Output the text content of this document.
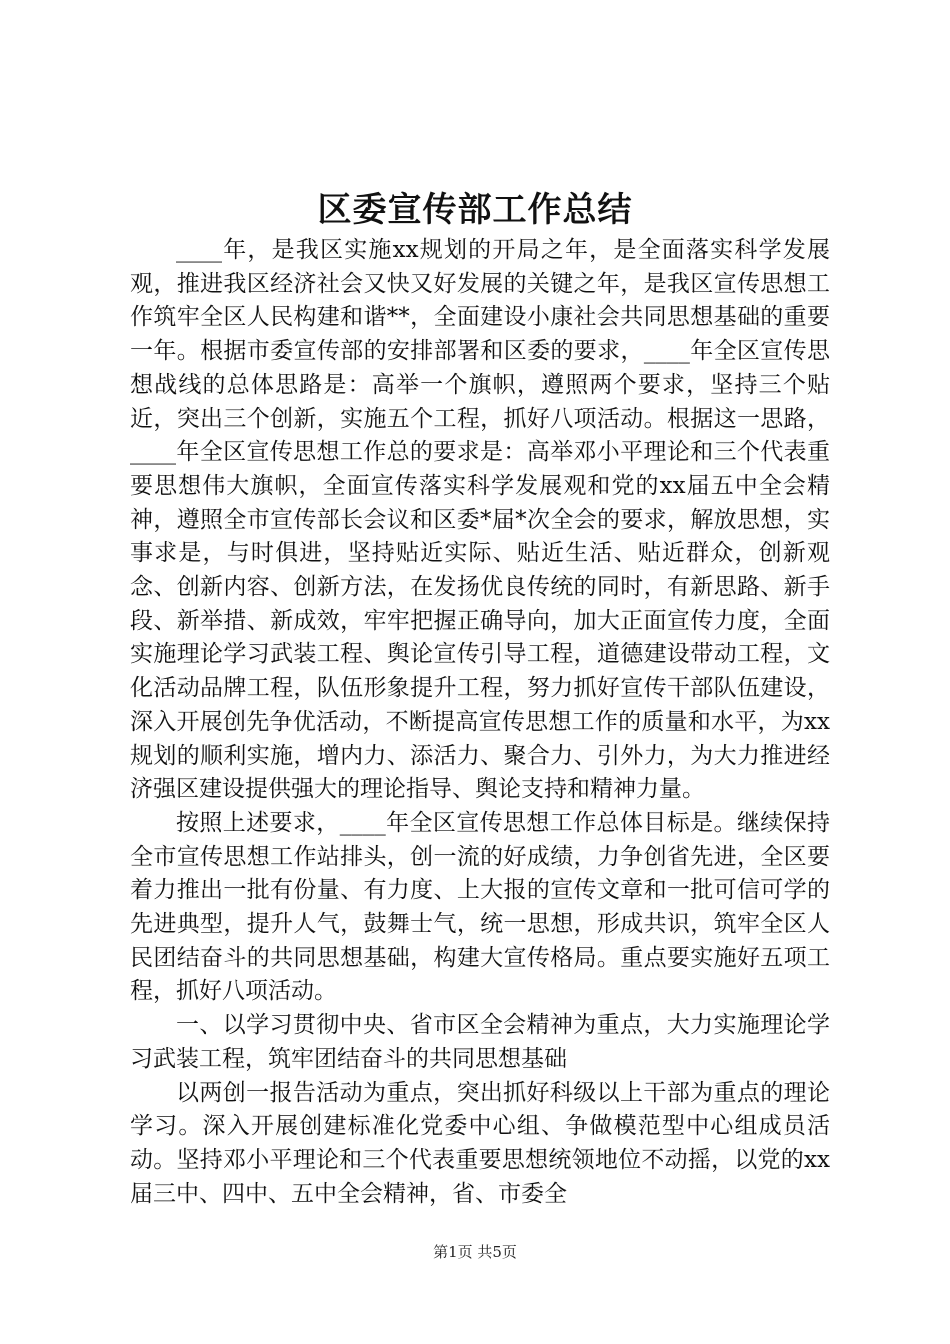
区委宣传部工作总结

____年，是我区实施xx规划的开局之年，是全面落实科学发展观，推进我区经济社会又快又好发展的关键之年，是我区宣传思想工作筑牢全区人民构建和谐**，全面建设小康社会共同思想基础的重要一年。根据市委宣传部的安排部署和区委的要求，____年全区宣传思想战线的总体思路是：高举一个旗帜，遵照两个要求，坚持三个贴近，突出三个创新，实施五个工程，抓好八项活动。根据这一思路，____年全区宣传思想工作总的要求是：高举邓小平理论和三个代表重要思想伟大旗帜，全面宣传落实科学发展观和党的xx届五中全会精神，遵照全市宣传部长会议和区委*届*次全会的要求，解放思想，实事求是，与时俱进，坚持贴近实际、贴近生活、贴近群众，创新观念、创新内容、创新方法，在发扬优良传统的同时，有新思路、新手段、新举措、新成效，牢牢把握正确导向，加大正面宣传力度，全面实施理论学习武装工程、舆论宣传引导工程，道德建设带动工程，文化活动品牌工程，队伍形象提升工程，努力抓好宣传干部队伍建设，深入开展创先争优活动，不断提高宣传思想工作的质量和水平，为xx规划的顺利实施，增内力、添活力、聚合力、引外力，为大力推进经济强区建设提供强大的理论指导、舆论支持和精神力量。

按照上述要求，____年全区宣传思想工作总体目标是。继续保持全市宣传思想工作站排头，创一流的好成绩，力争创省先进，全区要着力推出一批有份量、有力度、上大报的宣传文章和一批可信可学的先进典型，提升人气，鼓舞士气，统一思想，形成共识，筑牢全区人民团结奋斗的共同思想基础，构建大宣传格局。重点要实施好五项工程，抓好八项活动。

一、以学习贯彻中央、省市区全会精神为重点，大力实施理论学习武装工程，筑牢团结奋斗的共同思想基础

以两创一报告活动为重点，突出抓好科级以上干部为重点的理论学习。深入开展创建标准化党委中心组、争做模范型中心组成员活动。坚持邓小平理论和三个代表重要思想统领地位不动摇，以党的xx届三中、四中、五中全会精神，省、市委全

第1页 共5页
